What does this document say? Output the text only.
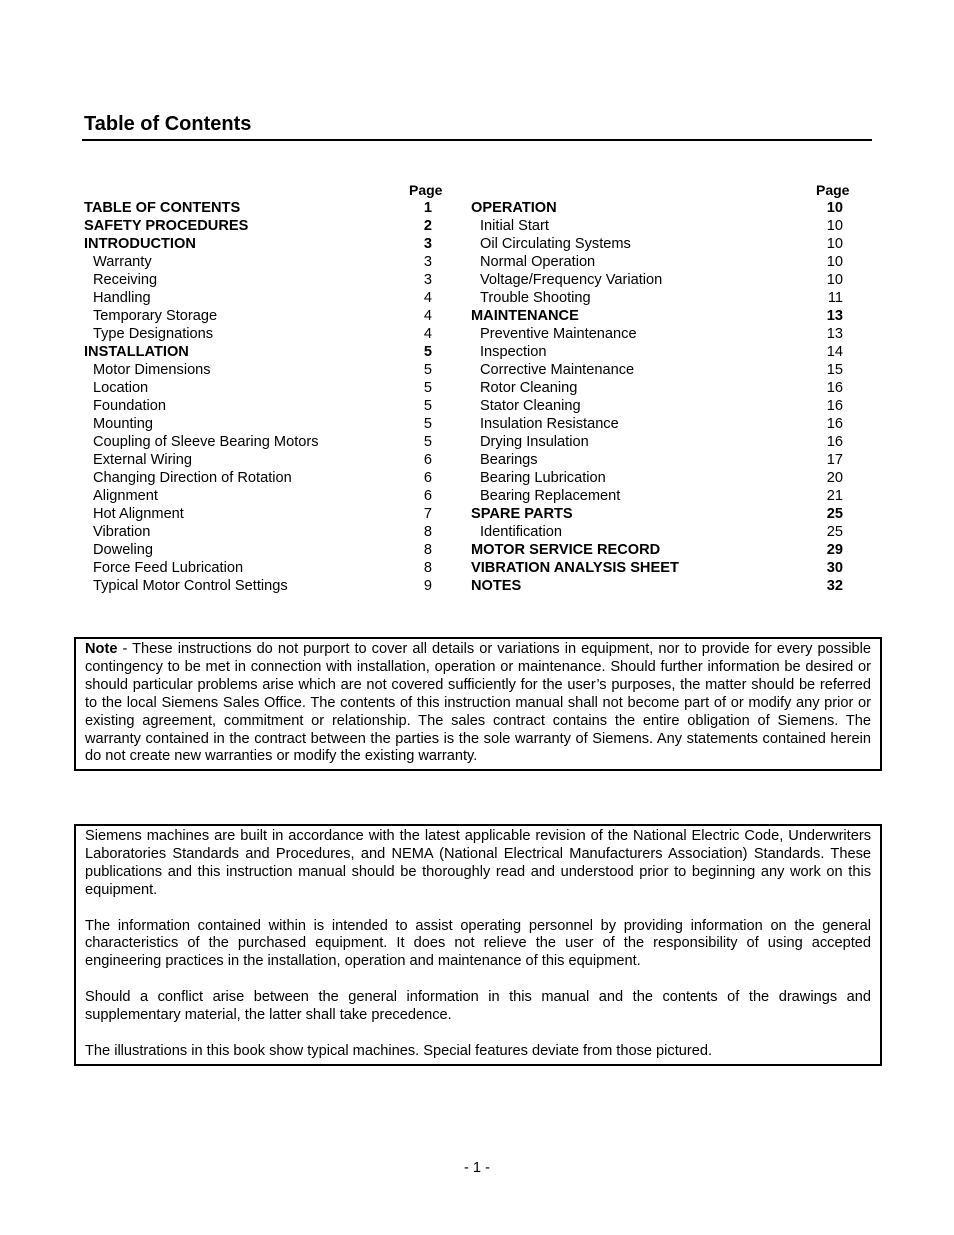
Table of Contents
Page	Page
TABLE OF CONTENTS	1
SAFETY PROCEDURES	2
INTRODUCTION	3
Warranty	3
Receiving	3
Handling	4
Temporary Storage	4
Type Designations	4
INSTALLATION	5
Motor Dimensions	5
Location	5
Foundation	5
Mounting	5
Coupling of Sleeve Bearing Motors	5
External Wiring	6
Changing Direction of Rotation	6
Alignment	6
Hot Alignment	7
Vibration	8
Doweling	8
Force Feed Lubrication	8
Typical Motor Control Settings	9
OPERATION	10
Initial Start	10
Oil Circulating Systems	10
Normal Operation	10
Voltage/Frequency Variation	10
Trouble Shooting	11
MAINTENANCE	13
Preventive Maintenance	13
Inspection	14
Corrective Maintenance	15
Rotor Cleaning	16
Stator Cleaning	16
Insulation Resistance	16
Drying Insulation	16
Bearings	17
Bearing Lubrication	20
Bearing Replacement	21
SPARE PARTS	25
Identification	25
MOTOR SERVICE RECORD	29
VIBRATION ANALYSIS SHEET	30
NOTES	32

Note - These instructions do not purport to cover all details or variations in equipment, nor to provide for every possible contingency to be met in connection with installation, operation or maintenance. Should further information be desired or should particular problems arise which are not covered sufficiently for the user’s purposes, the matter should be referred to the local Siemens Sales Office. The contents of this instruction manual shall not become part of or modify any prior or existing agreement, commitment or relationship. The sales contract contains the entire obligation of Siemens. The warranty contained in the contract between the parties is the sole warranty of Siemens. Any statements contained herein do not create new warranties or modify the existing warranty.

Siemens machines are built in accordance with the latest applicable revision of the National Electric Code, Underwriters Laboratories Standards and Procedures, and NEMA (National Electrical Manufacturers Association) Standards. These publications and this instruction manual should be thoroughly read and understood prior to beginning any work on this equipment.

The information contained within is intended to assist operating personnel by providing information on the general characteristics of the purchased equipment. It does not relieve the user of the responsibility of using accepted engineering practices in the installation, operation and maintenance of this equipment.

Should a conflict arise between the general information in this manual and the contents of the drawings and supplementary material, the latter shall take precedence.

The illustrations in this book show typical machines. Special features deviate from those pictured.

- 1 -
